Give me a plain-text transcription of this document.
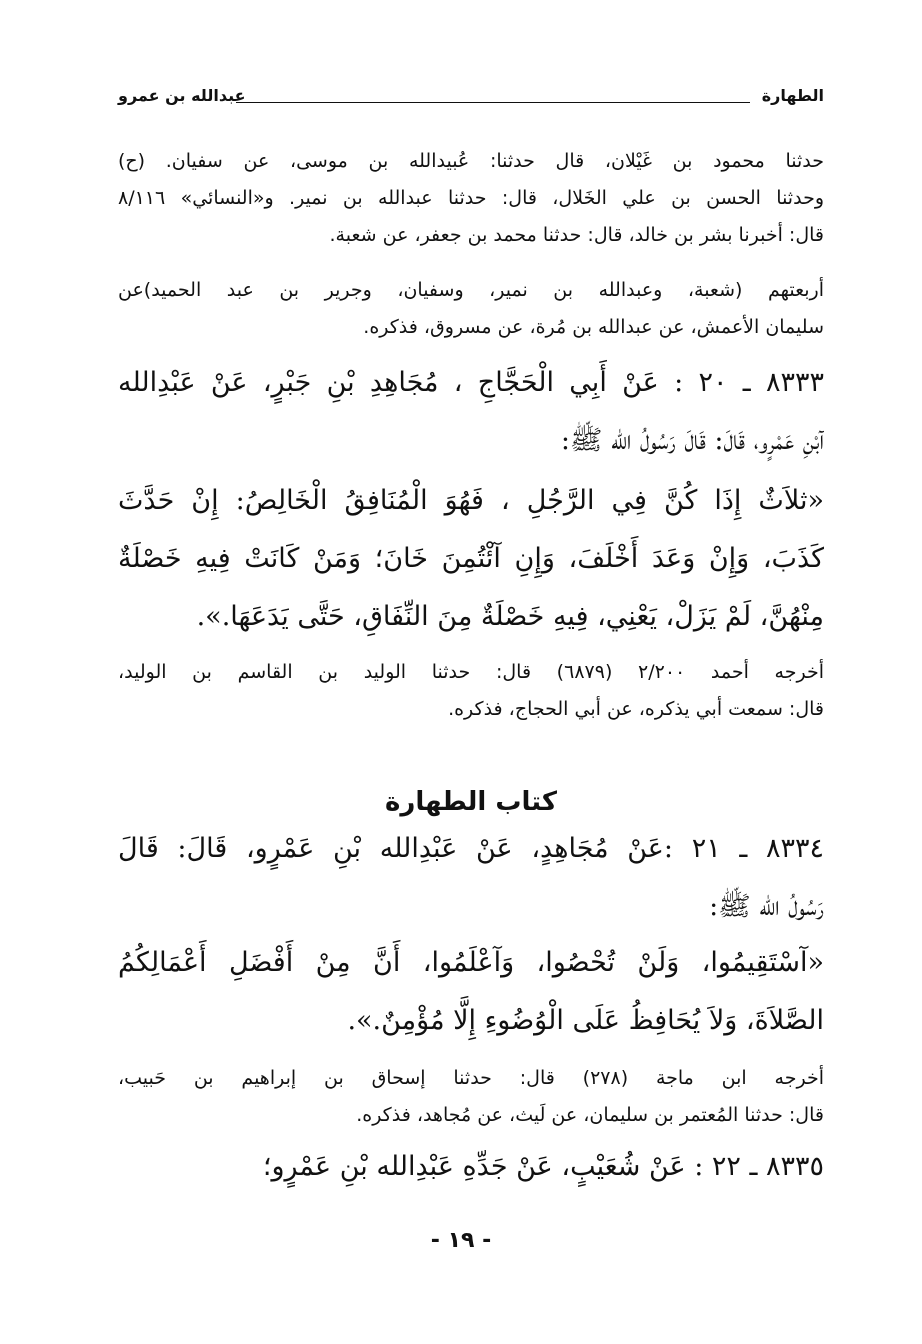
الطهارة
عبدالله بن عمرو
حدثنا محمود بن غَيْلان، قال حدثنا: عُبيدالله بن موسى، عن سفيان. (ح)
وحدثنا الحسن بن علي الخَلال، قال: حدثنا عبدالله بن نمير. و«النسائي» ٨/١١٦
قال: أخبرنا بشر بن خالد، قال: حدثنا محمد بن جعفر، عن شعبة.
أربعتهم (شعبة، وعبدالله بن نمير، وسفيان، وجرير بن عبد الحميد)عن
سليمان الأعمش، عن عبدالله بن مُرة، عن مسروق، فذكره.
٨٣٣٣ ـ ٢٠ : عَنْ أَبِي الْحَجَّاجِ ، مُجَاهِدِ بْنِ جَبْرٍ، عَنْ عَبْدِالله
آبْنِ عَمْرٍو، قَالَ: قَالَ رَسُولُ الله ﷺ:
«ثلاَثٌ إِذَا كُنَّ فِي الرَّجُلِ ، فَهُوَ الْمُنَافِقُ الْخَالِصُ: إِنْ حَدَّثَ
كَذَبَ، وَإِنْ وَعَدَ أَخْلَفَ، وَإِنِ آئْتُمِنَ خَانَ؛ وَمَنْ كَانَتْ فِيهِ خَصْلَةٌ
مِنْهُنَّ، لَمْ يَزَلْ، يَعْنِي، فِيهِ خَصْلَةٌ مِنَ النِّفَاقِ، حَتَّى يَدَعَهَا.».
أخرجه أحمد ٢/٢٠٠ (٦٨٧٩) قال: حدثنا الوليد بن القاسم بن الوليد،
قال: سمعت أبي يذكره، عن أبي الحجاج، فذكره.
كتاب الطهارة
٨٣٣٤ ـ ٢١ :عَنْ مُجَاهِدٍ، عَنْ عَبْدِالله بْنِ عَمْرٍو، قَالَ: قَالَ
رَسُولُ الله ﷺ:
«آسْتَقِيمُوا، وَلَنْ تُحْصُوا، وَآعْلَمُوا، أَنَّ مِنْ أَفْضَلِ أَعْمَالِكُمُ
الصَّلاَةَ، وَلاَ يُحَافِظُ عَلَى الْوُضُوءِ إِلَّا مُؤْمِنٌ.».
أخرجه ابن ماجة (٢٧٨) قال: حدثنا إسحاق بن إبراهيم بن حَبيب،
قال: حدثنا المُعتمر بن سليمان، عن لَيث، عن مُجاهد، فذكره.
٨٣٣٥ ـ ٢٢ : عَنْ شُعَيْبٍ، عَنْ جَدِّهِ عَبْدِالله بْنِ عَمْرٍو؛
- ١٩ -
